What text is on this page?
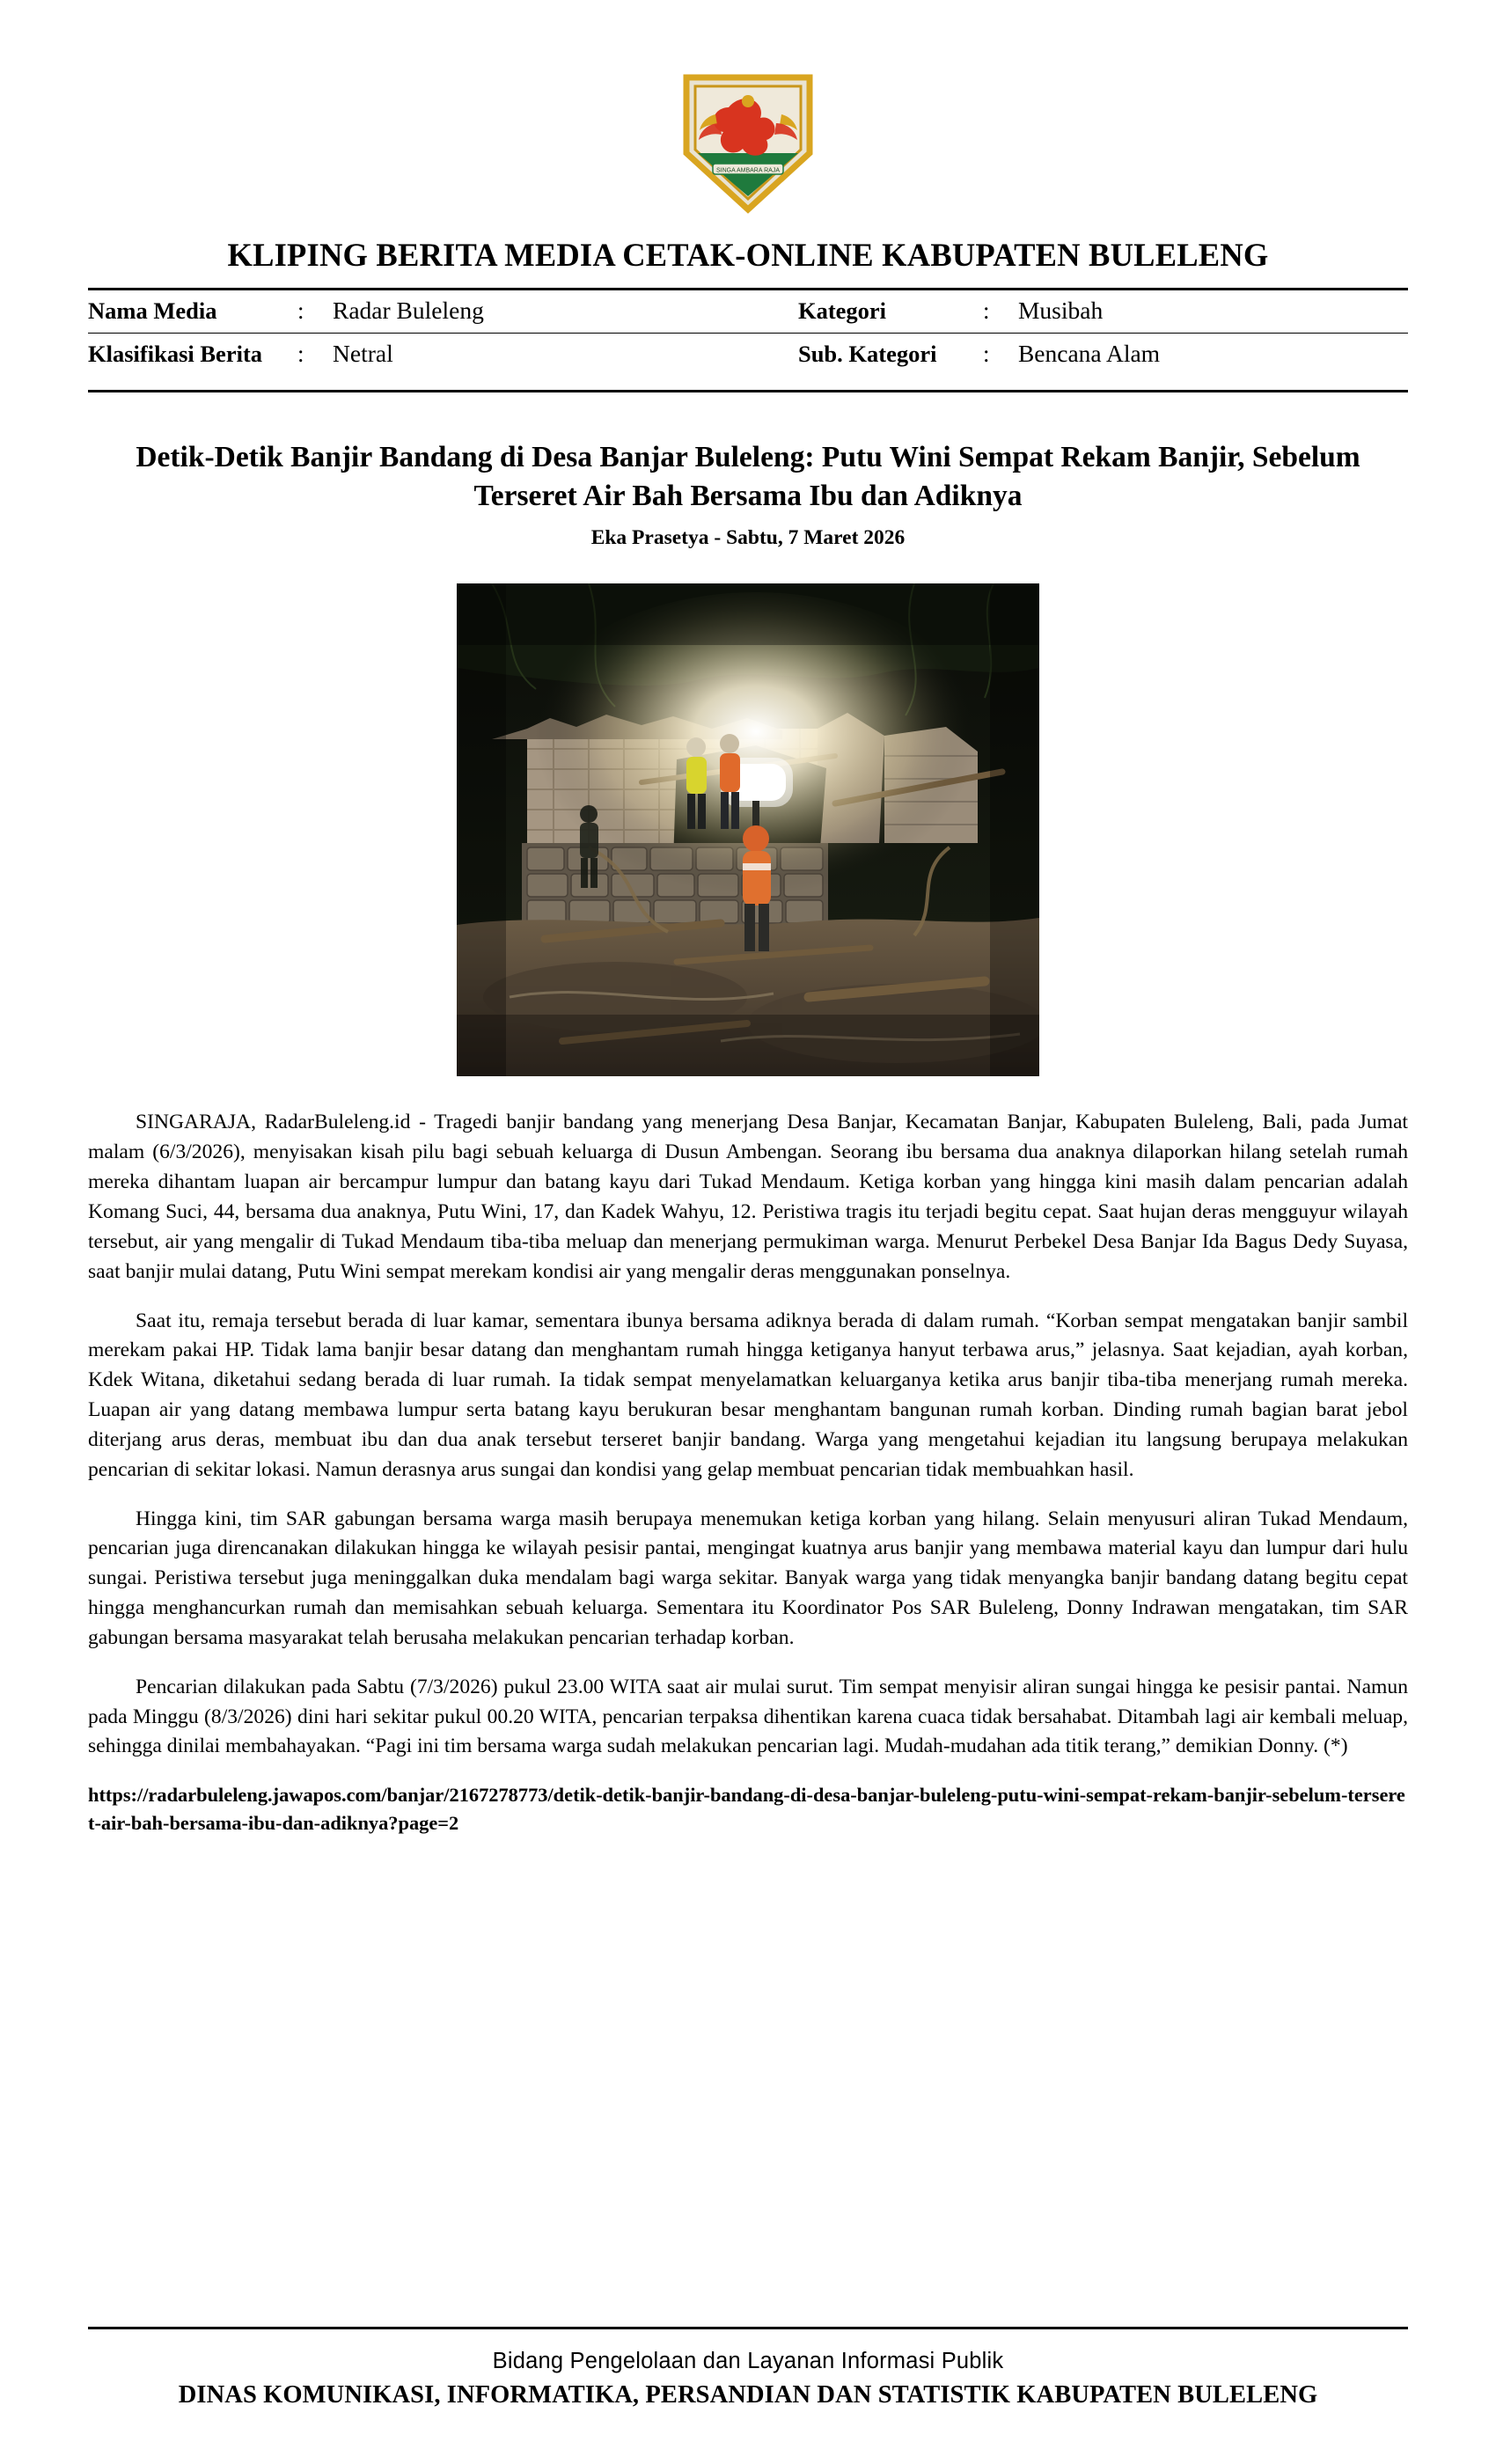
SINGA AMBARA RAJA
KLIPING BERITA MEDIA CETAK-ONLINE KABUPATEN BULELENG
Nama Media	:	Radar Buleleng	Kategori	:	Musibah

Klasifikasi Berita	:	Netral	Sub. Kategori	:	Bencana Alam
Detik-Detik Banjir Bandang di Desa Banjar Buleleng: Putu Wini Sempat Rekam Banjir, Sebelum Terseret Air Bah Bersama Ibu dan Adiknya
Eka Prasetya - Sabtu, 7 Maret 2026

SINGARAJA, RadarBuleleng.id - Tragedi banjir bandang yang menerjang Desa Banjar, Kecamatan Banjar, Kabupaten Buleleng, Bali, pada Jumat malam (6/3/2026), menyisakan kisah pilu bagi sebuah keluarga di Dusun Ambengan. Seorang ibu bersama dua anaknya dilaporkan hilang setelah rumah mereka dihantam luapan air bercampur lumpur dan batang kayu dari Tukad Mendaum. Ketiga korban yang hingga kini masih dalam pencarian adalah Komang Suci, 44, bersama dua anaknya, Putu Wini, 17, dan Kadek Wahyu, 12. Peristiwa tragis itu terjadi begitu cepat. Saat hujan deras mengguyur wilayah tersebut, air yang mengalir di Tukad Mendaum tiba-tiba meluap dan menerjang permukiman warga. Menurut Perbekel Desa Banjar Ida Bagus Dedy Suyasa, saat banjir mulai datang, Putu Wini sempat merekam kondisi air yang mengalir deras menggunakan ponselnya.

Saat itu, remaja tersebut berada di luar kamar, sementara ibunya bersama adiknya berada di dalam rumah. “Korban sempat mengatakan banjir sambil merekam pakai HP. Tidak lama banjir besar datang dan menghantam rumah hingga ketiganya hanyut terbawa arus,” jelasnya. Saat kejadian, ayah korban, Kdek Witana, diketahui sedang berada di luar rumah. Ia tidak sempat menyelamatkan keluarganya ketika arus banjir tiba-tiba menerjang rumah mereka. Luapan air yang datang membawa lumpur serta batang kayu berukuran besar menghantam bangunan rumah korban. Dinding rumah bagian barat jebol diterjang arus deras, membuat ibu dan dua anak tersebut terseret banjir bandang. Warga yang mengetahui kejadian itu langsung berupaya melakukan pencarian di sekitar lokasi. Namun derasnya arus sungai dan kondisi yang gelap membuat pencarian tidak membuahkan hasil.

Hingga kini, tim SAR gabungan bersama warga masih berupaya menemukan ketiga korban yang hilang. Selain menyusuri aliran Tukad Mendaum, pencarian juga direncanakan dilakukan hingga ke wilayah pesisir pantai, mengingat kuatnya arus banjir yang membawa material kayu dan lumpur dari hulu sungai. Peristiwa tersebut juga meninggalkan duka mendalam bagi warga sekitar. Banyak warga yang tidak menyangka banjir bandang datang begitu cepat hingga menghancurkan rumah dan memisahkan sebuah keluarga. Sementara itu Koordinator Pos SAR Buleleng, Donny Indrawan mengatakan, tim SAR gabungan bersama masyarakat telah berusaha melakukan pencarian terhadap korban.

Pencarian dilakukan pada Sabtu (7/3/2026) pukul 23.00 WITA saat air mulai surut. Tim sempat menyisir aliran sungai hingga ke pesisir pantai. Namun pada Minggu (8/3/2026) dini hari sekitar pukul 00.20 WITA, pencarian terpaksa dihentikan karena cuaca tidak bersahabat. Ditambah lagi air kembali meluap, sehingga dinilai membahayakan. “Pagi ini tim bersama warga sudah melakukan pencarian lagi. Mudah-mudahan ada titik terang,” demikian Donny. (*)

https://radarbuleleng.jawapos.com/banjar/2167278773/detik-detik-banjir-bandang-di-desa-banjar-buleleng-putu-wini-sempat-rekam-banjir-sebelum-terseret-air-bah-bersama-ibu-dan-adiknya?page=2
Bidang Pengelolaan dan Layanan Informasi Publik
DINAS KOMUNIKASI, INFORMATIKA, PERSANDIAN DAN STATISTIK KABUPATEN BULELENG
